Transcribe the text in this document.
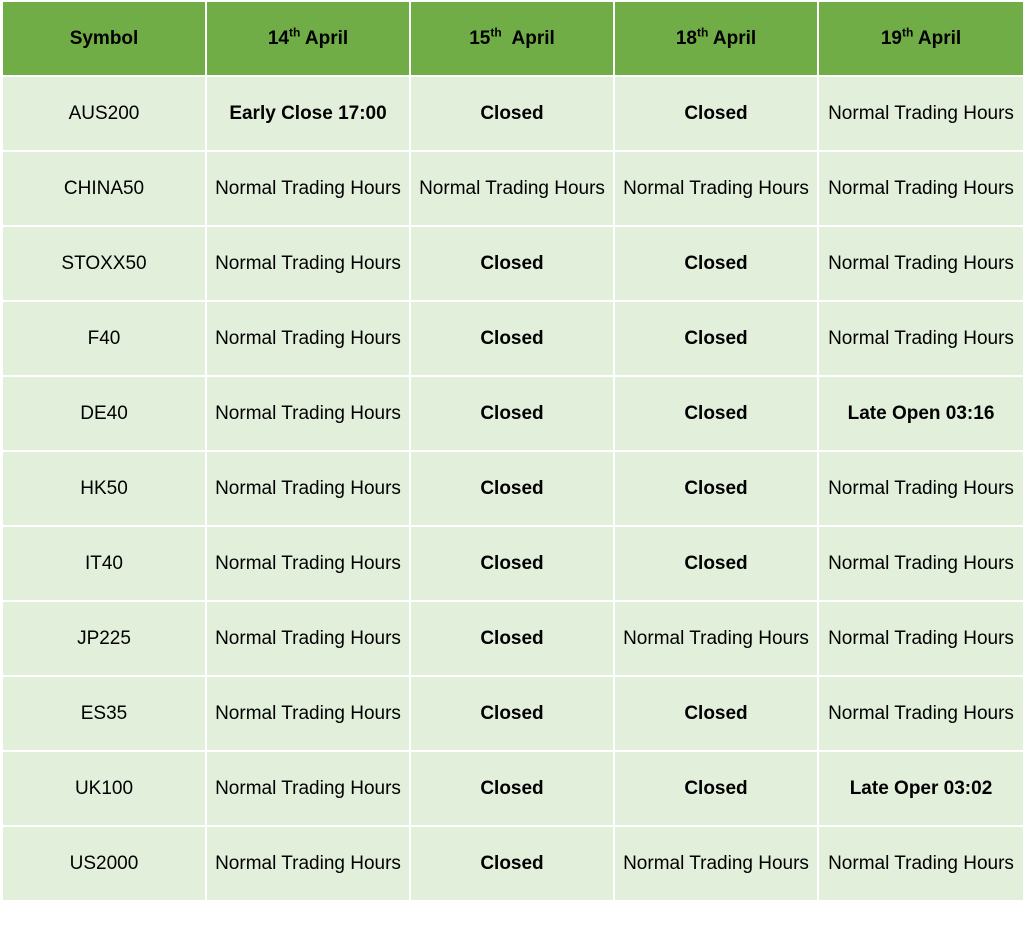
Symbol	14th April	15th April	18th April	19th April
AUS200	Early Close 17:00	Closed	Closed	Normal Trading Hours
CHINA50	Normal Trading Hours	Normal Trading Hours	Normal Trading Hours	Normal Trading Hours
STOXX50	Normal Trading Hours	Closed	Closed	Normal Trading Hours
F40	Normal Trading Hours	Closed	Closed	Normal Trading Hours
DE40	Normal Trading Hours	Closed	Closed	Late Open 03:16
HK50	Normal Trading Hours	Closed	Closed	Normal Trading Hours
IT40	Normal Trading Hours	Closed	Closed	Normal Trading Hours
JP225	Normal Trading Hours	Closed	Normal Trading Hours	Normal Trading Hours
ES35	Normal Trading Hours	Closed	Closed	Normal Trading Hours
UK100	Normal Trading Hours	Closed	Closed	Late Oper 03:02
US2000	Normal Trading Hours	Closed	Normal Trading Hours	Normal Trading Hours
